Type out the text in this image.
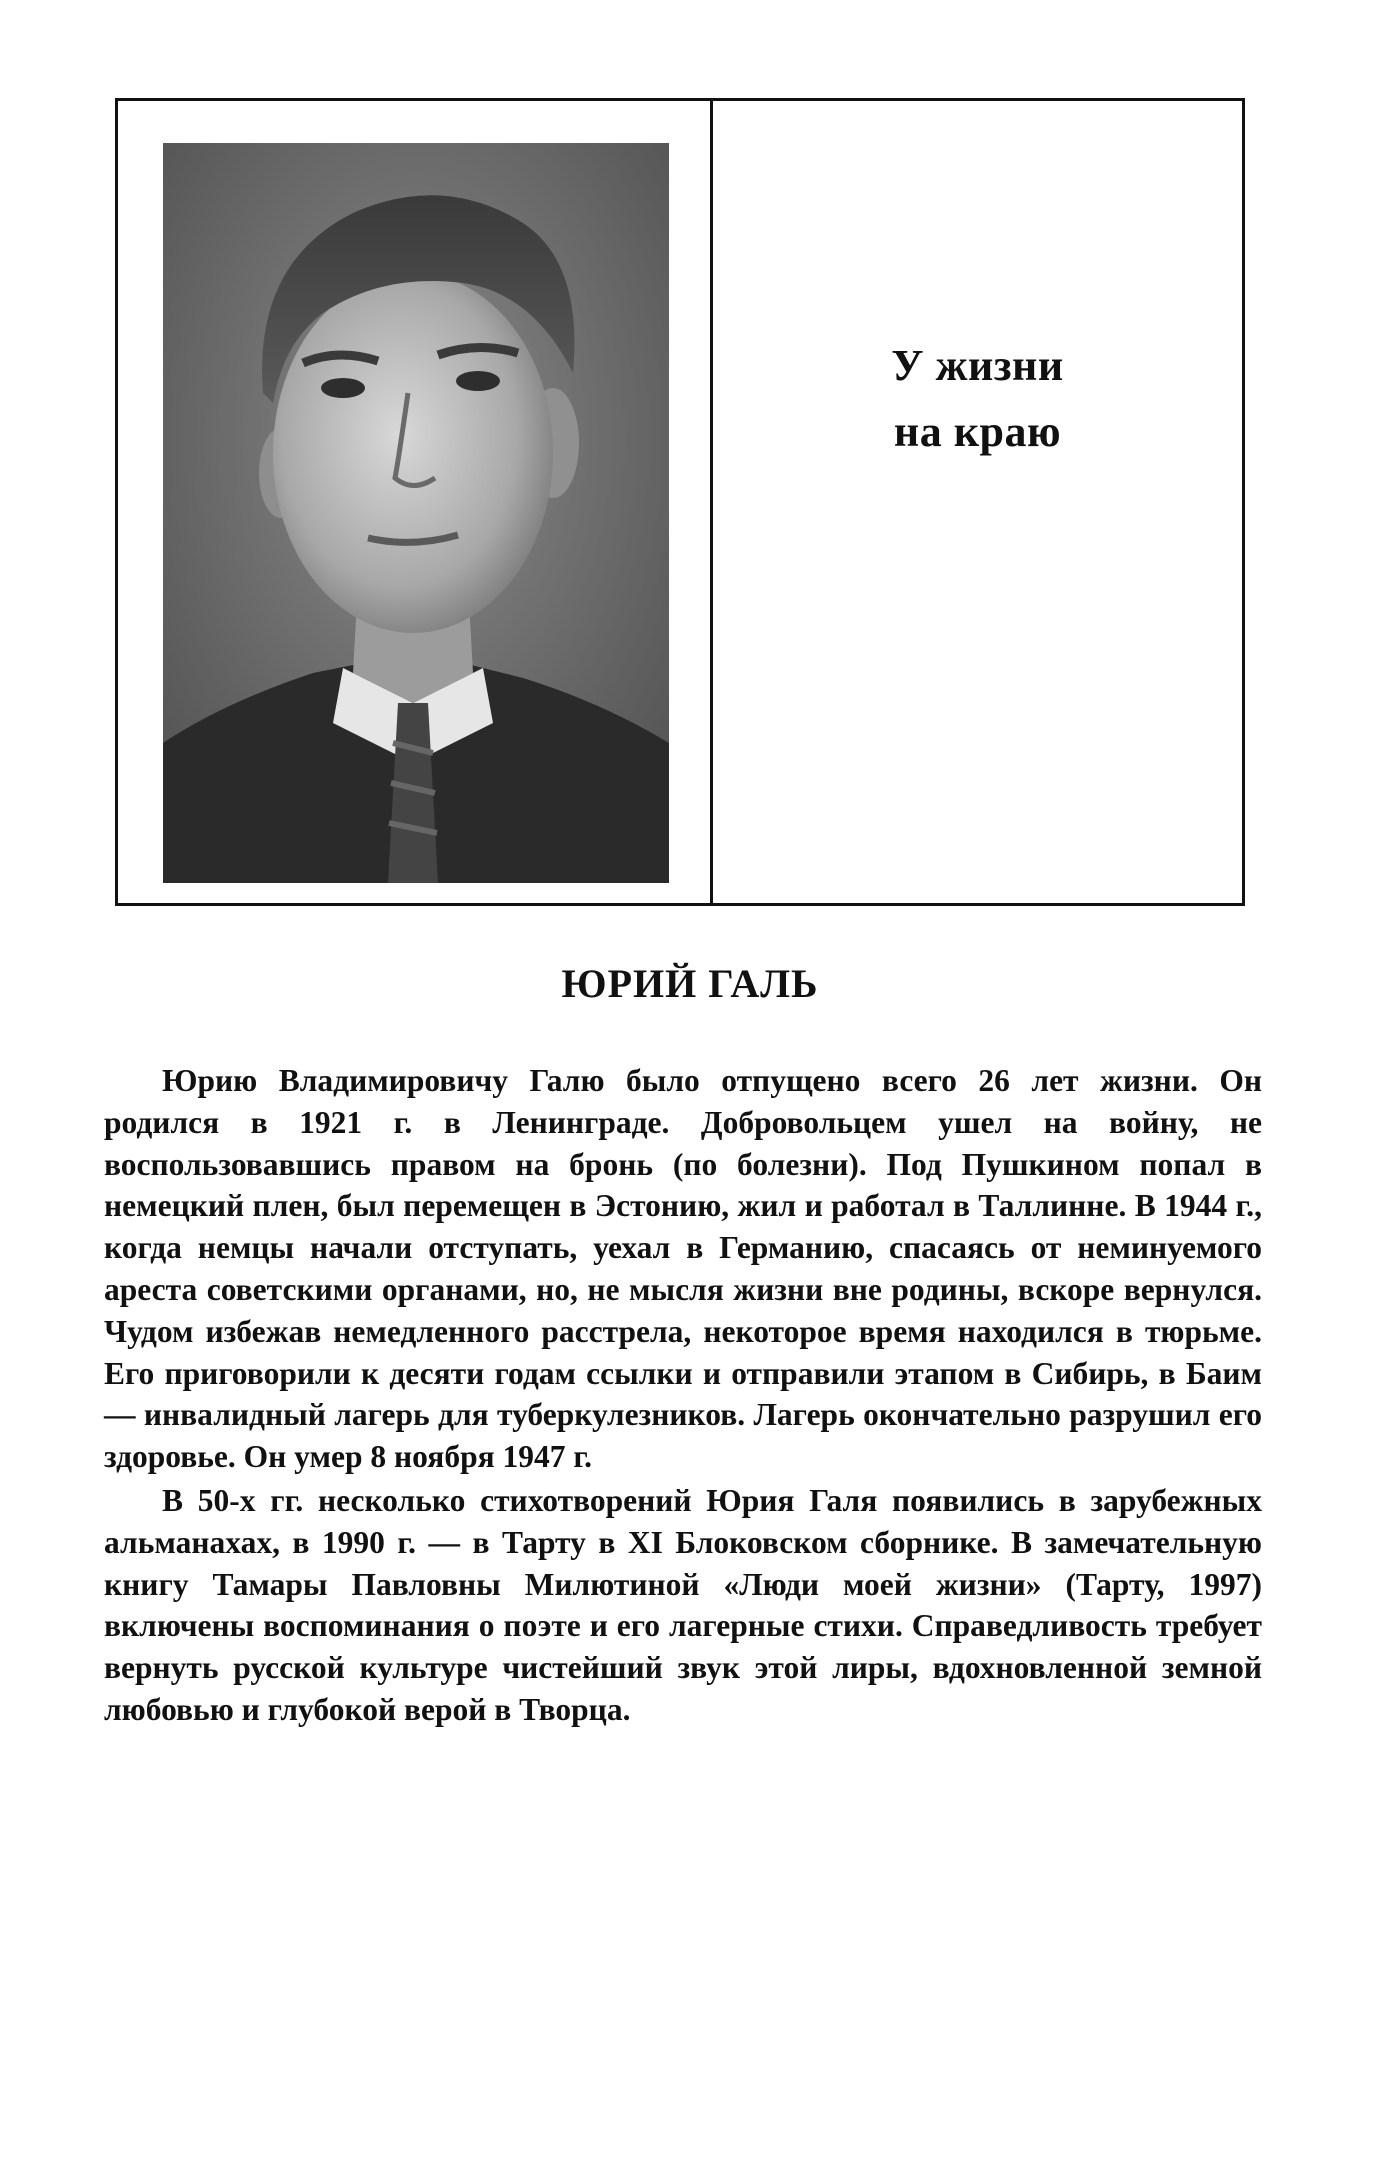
У жизни
на краю
ЮРИЙ ГАЛЬ

Юрию Владимировичу Галю было отпущено всего 26 лет жизни. Он родился в 1921 г. в Ленинграде. Добровольцем ушел на войну, не воспользовавшись правом на бронь (по болезни). Под Пушкином попал в немецкий плен, был перемещен в Эстонию, жил и работал в Таллинне. В 1944 г., когда немцы начали отступать, уехал в Германию, спасаясь от неминуемого ареста советскими органами, но, не мысля жизни вне родины, вскоре вернулся. Чудом избежав немедленного расстрела, некоторое время находился в тюрьме. Его приговорили к десяти годам ссылки и отправили этапом в Сибирь, в Баим — инвалидный лагерь для туберкулезников. Лагерь окончательно разрушил его здоровье. Он умер 8 ноября 1947 г.

В 50-х гг. несколько стихотворений Юрия Галя появились в зарубежных альманахах, в 1990 г. — в Тарту в XI Блоковском сборнике. В замечательную книгу Тамары Павловны Милютиной «Люди моей жизни» (Тарту, 1997) включены воспоминания о поэте и его лагерные стихи. Справедливость требует вернуть русской культуре чистейший звук этой лиры, вдохновленной земной любовью и глубокой верой в Творца.
